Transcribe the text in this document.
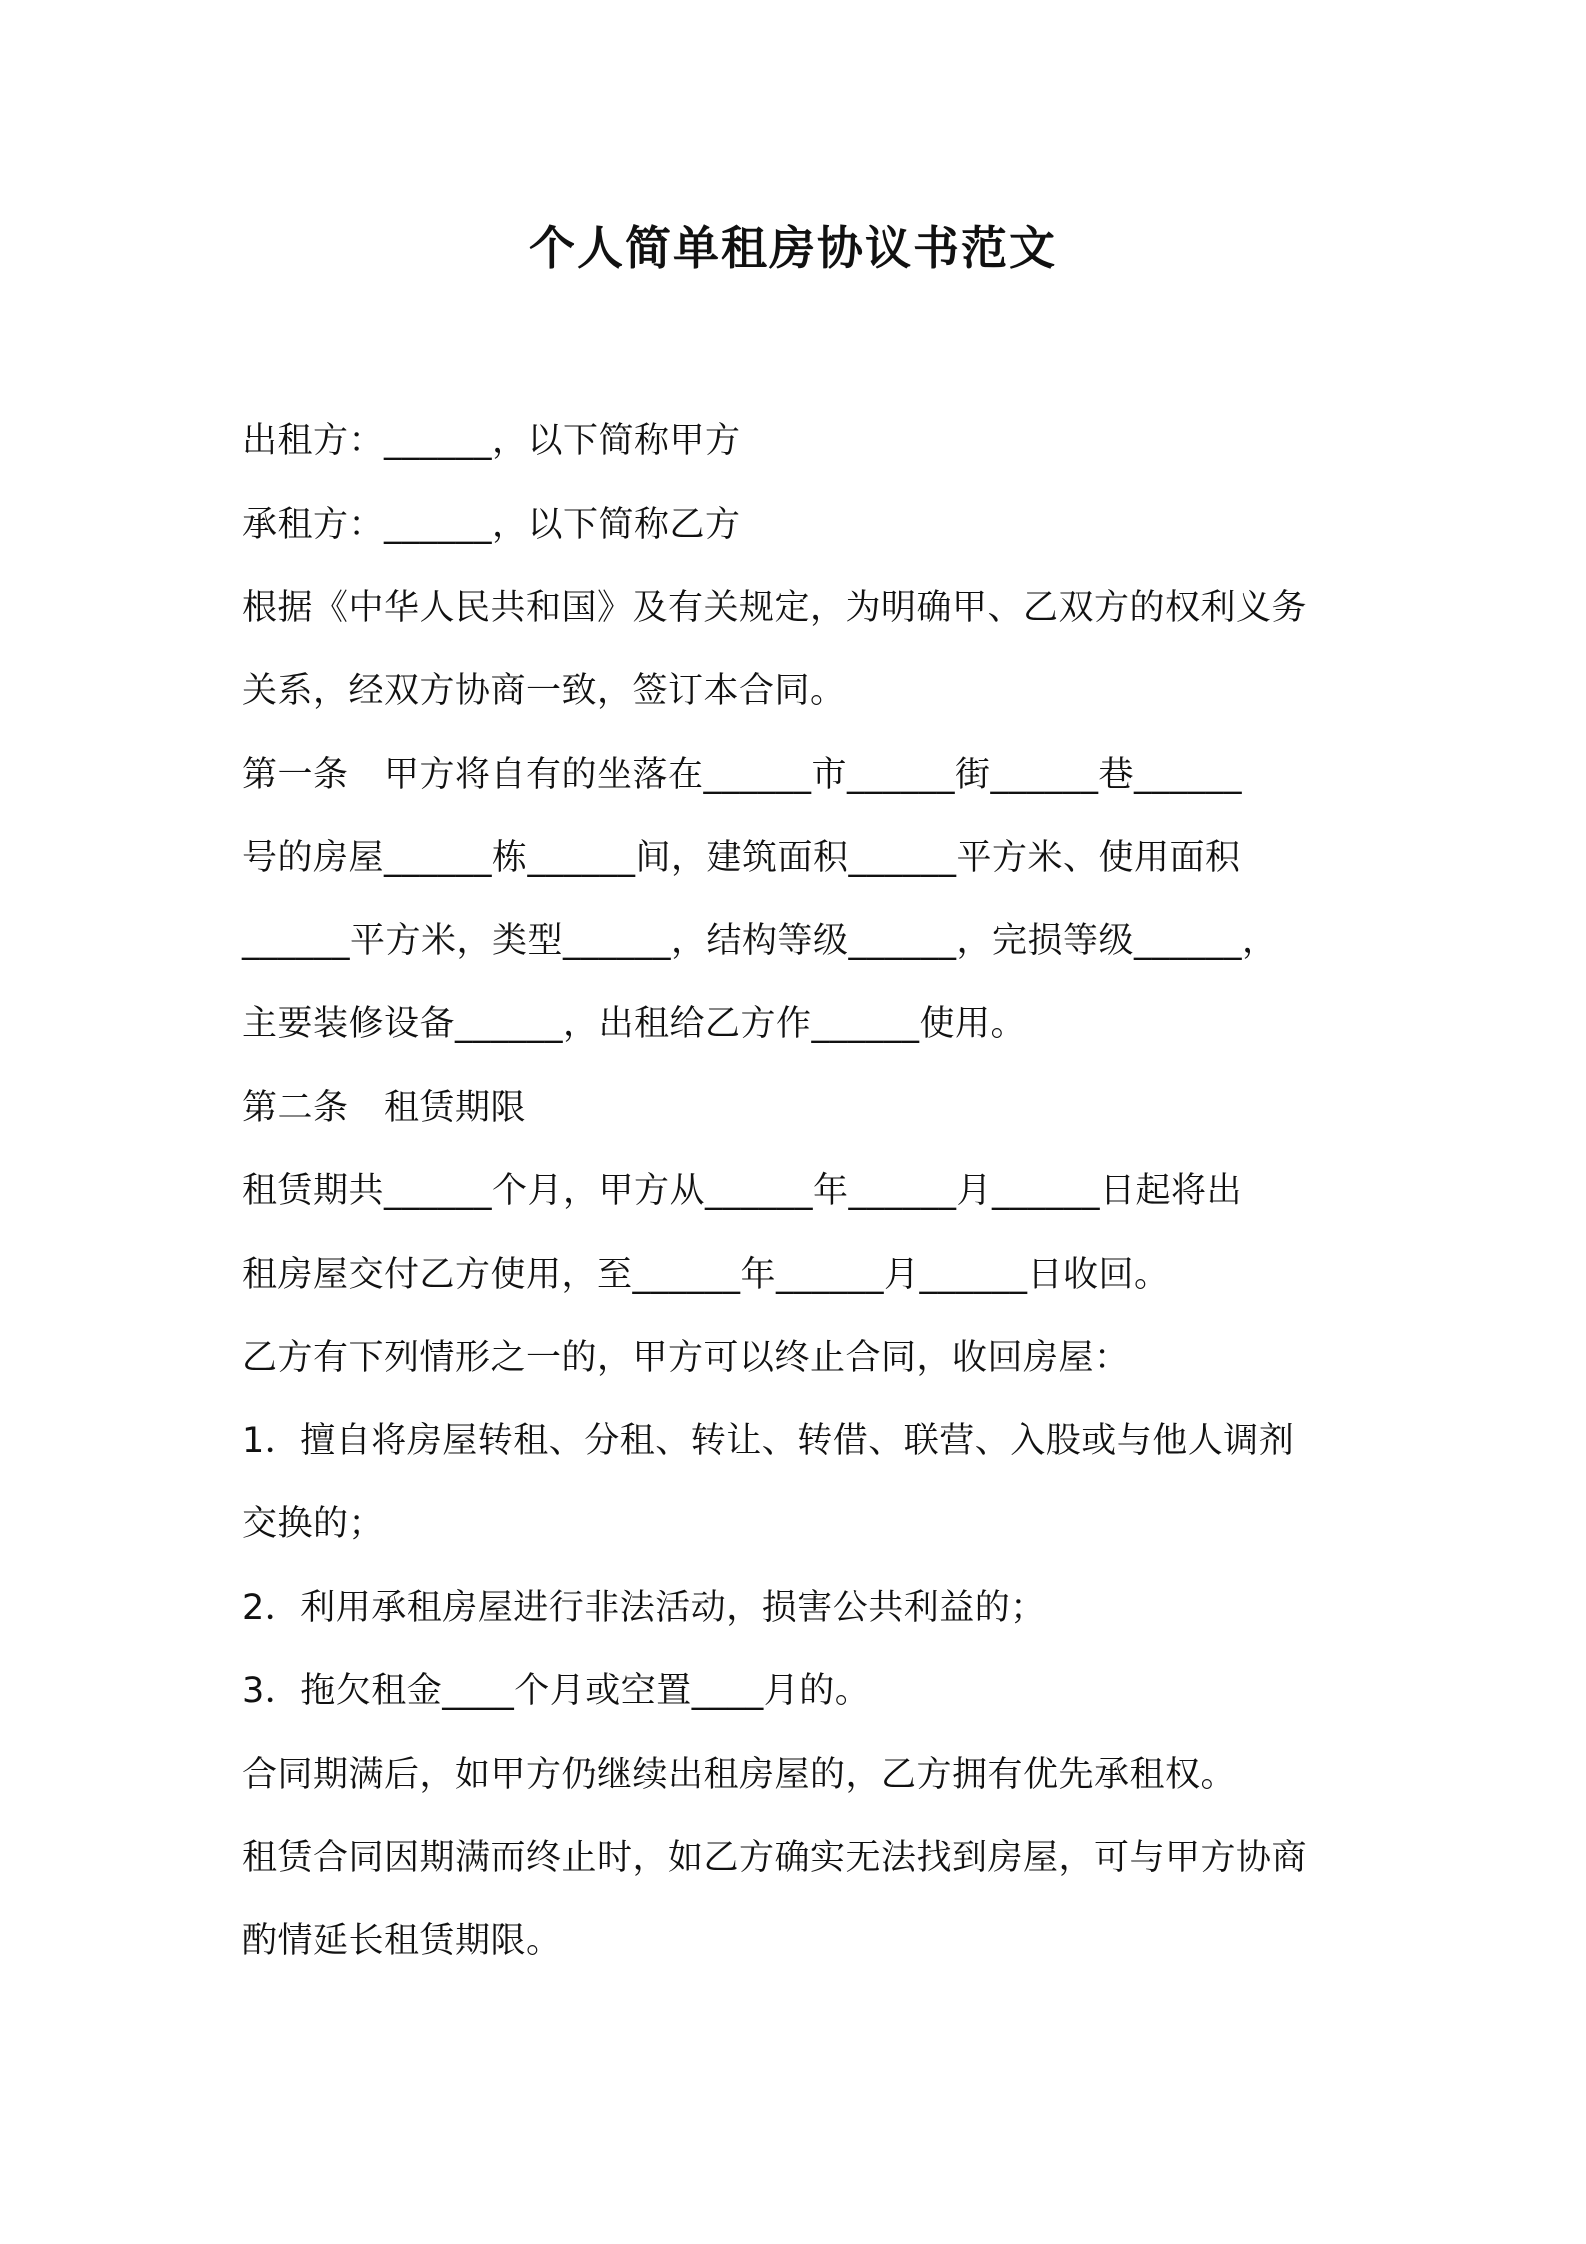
个人简单租房协议书范文
出租方：______，以下简称甲方
承租方：______，以下简称乙方
根据《中华人民共和国》及有关规定，为明确甲、乙双方的权利义务
关系，经双方协商一致，签订本合同。
第一条　甲方将自有的坐落在______市______街______巷______
号的房屋______栋______间，建筑面积______平方米、使用面积
______平方米，类型______，结构等级______，完损等级______，
主要装修设备______，出租给乙方作______使用。
第二条　租赁期限
租赁期共______个月，甲方从______年______月______日起将出
租房屋交付乙方使用，至______年______月______日收回。
乙方有下列情形之一的，甲方可以终止合同，收回房屋：
1．擅自将房屋转租、分租、转让、转借、联营、入股或与他人调剂
交换的；
2．利用承租房屋进行非法活动，损害公共利益的；
3．拖欠租金____个月或空置____月的。
合同期满后，如甲方仍继续出租房屋的，乙方拥有优先承租权。
租赁合同因期满而终止时，如乙方确实无法找到房屋，可与甲方协商
酌情延长租赁期限。
